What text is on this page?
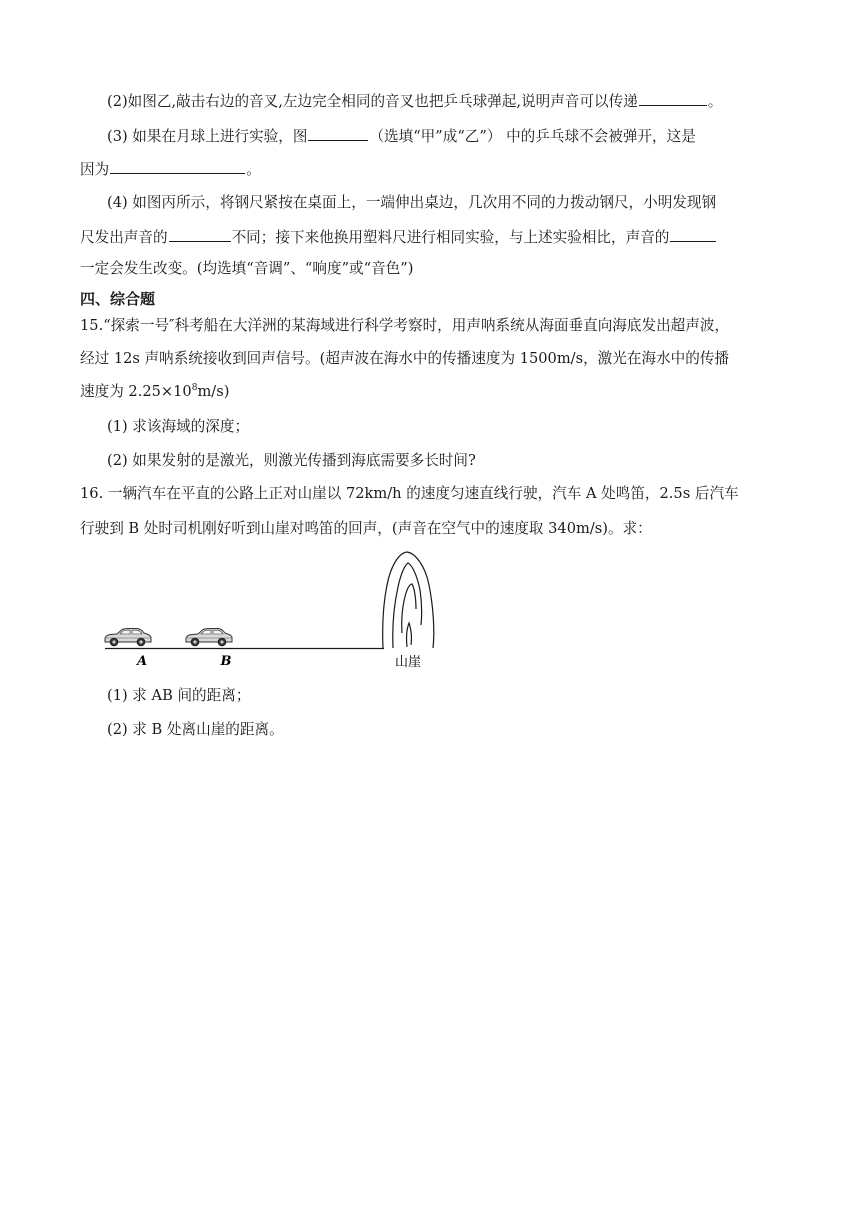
(2)如图乙,敲击右边的音叉,左边完全相同的音叉也把乒乓球弹起,说明声音可以传递	。
(3) 如果在月球上进行实验，图	（选填“甲”成“乙”） 中的乒乓球不会被弹开，这是
因为	。
(4) 如图丙所示，将钢尺紧按在桌面上，一端伸出桌边，几次用不同的力拨动钢尺，小明发现钢
尺发出声音的	不同；接下来他换用塑料尺进行相同实验，与上述实验相比，声音的
一定会发生改变。(均选填“音调”、“响度”或“音色”)
四、综合题
15.“探索一号″科考船在大洋洲的某海域进行科学考察时，用声呐系统从海面垂直向海底发出超声波，
经过 12s 声呐系统接收到回声信号。(超声波在海水中的传播速度为 1500m/s，激光在海水中的传播
速度为 $2.25\times 10^8m/s$)
(1) 求该海域的深度；
(2) 如果发射的是激光，则激光传播到海底需要多长时间?
16. 一辆汽车在平直的公路上正对山崖以 72km/h 的速度匀速直线行驶，汽车 A 处鸣笛，2.5s 后汽车
行驶到 B 处时司机刚好听到山崖对鸣笛的回声，(声音在空气中的速度取 340m/s)。求：
A	B	山崖
(1) 求 AB 间的距离；
(2) 求 B 处离山崖的距离。
